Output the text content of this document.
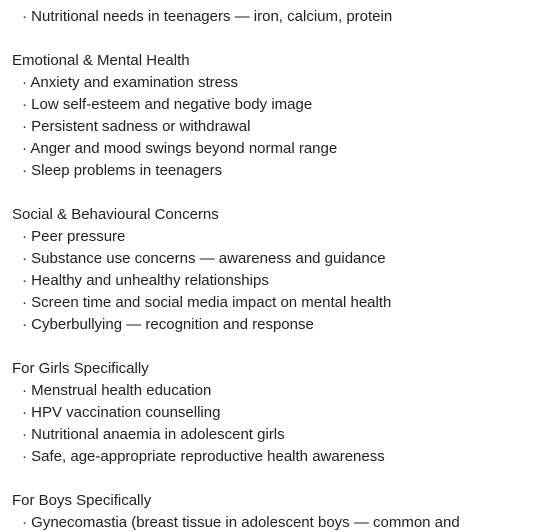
· Nutritional needs in teenagers — iron, calcium, protein
Emotional & Mental Health
· Anxiety and examination stress
· Low self-esteem and negative body image
· Persistent sadness or withdrawal
· Anger and mood swings beyond normal range
· Sleep problems in teenagers
Social & Behavioural Concerns
· Peer pressure
· Substance use concerns — awareness and guidance
· Healthy and unhealthy relationships
· Screen time and social media impact on mental health
· Cyberbullying — recognition and response
For Girls Specifically
· Menstrual health education
· HPV vaccination counselling
· Nutritional anaemia in adolescent girls
· Safe, age-appropriate reproductive health awareness
For Boys Specifically
· Gynecomastia (breast tissue in adolescent boys — common and
